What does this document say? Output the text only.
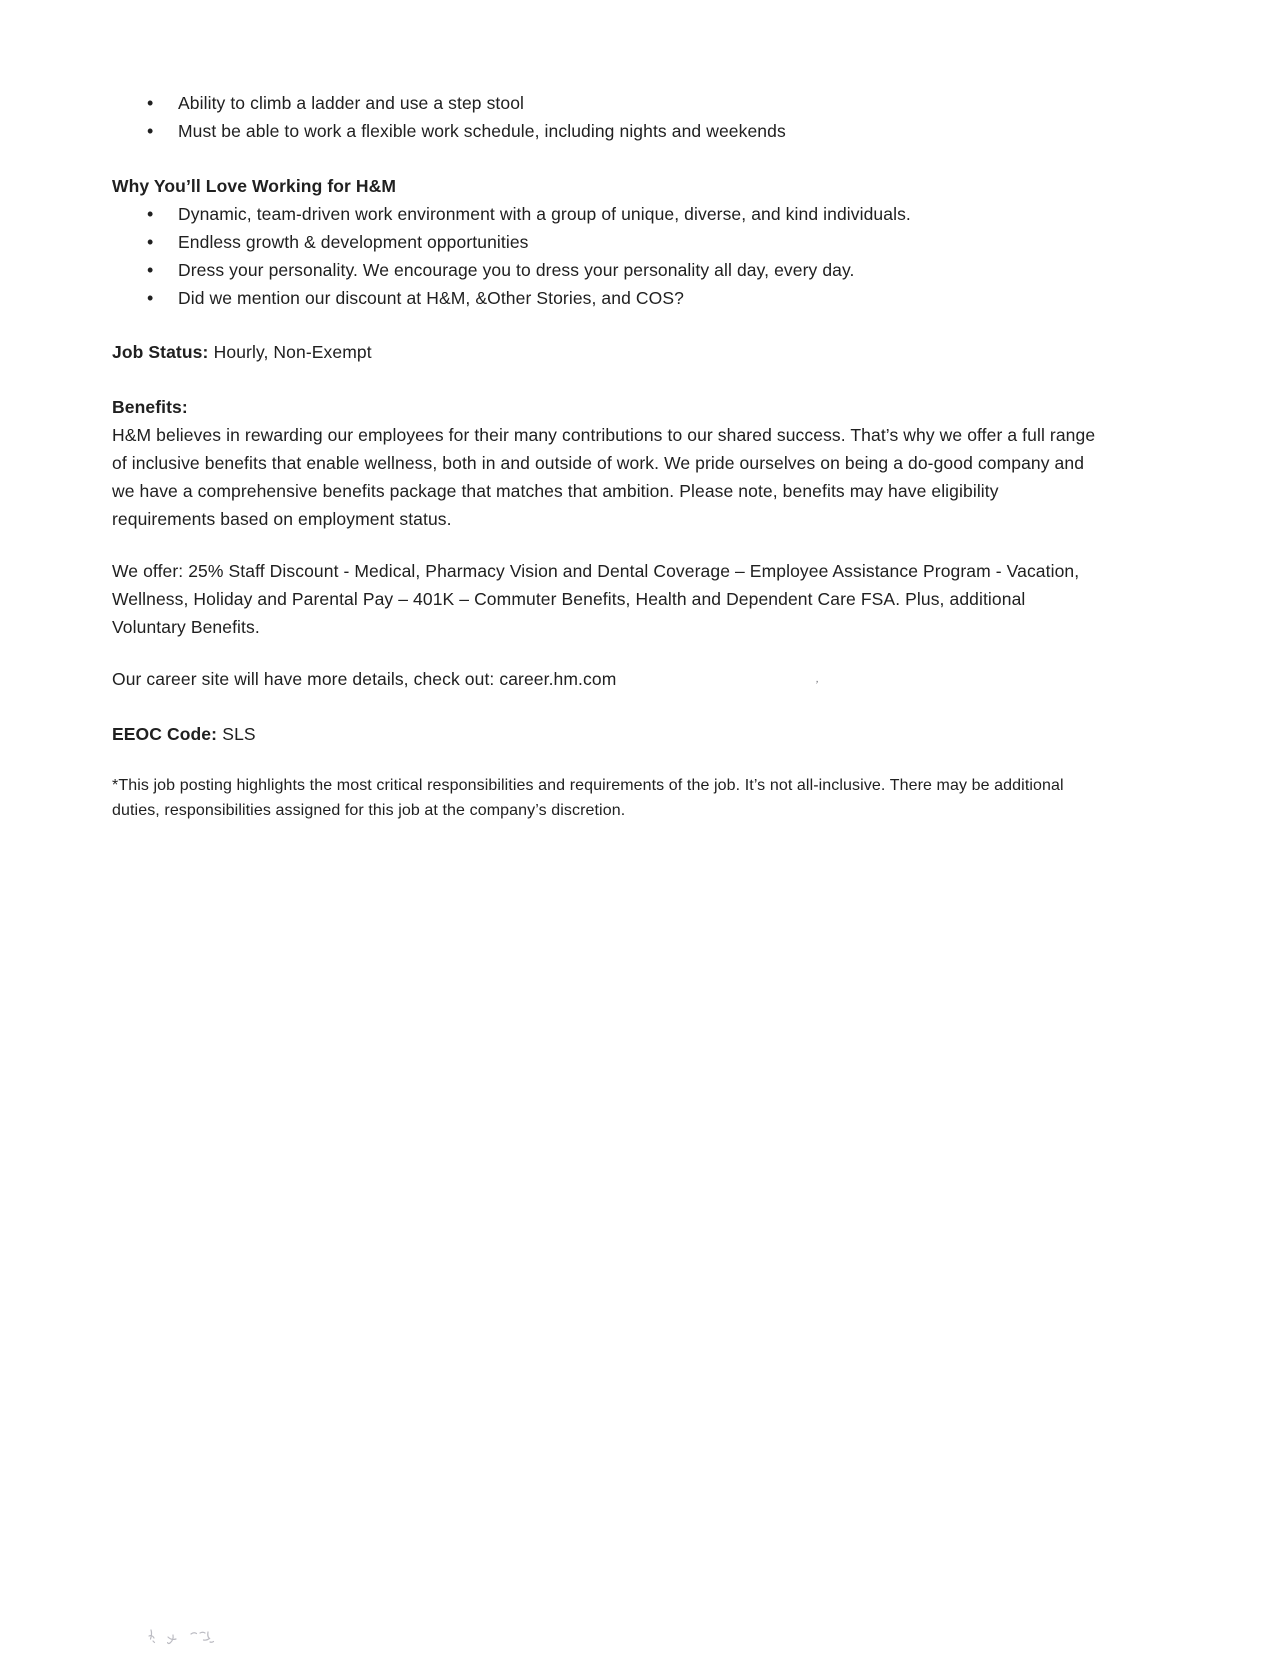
•	Ability to climb a ladder and use a step stool
•	Must be able to work a flexible work schedule, including nights and weekends
Why You’ll Love Working for H&M
•	Dynamic, team-driven work environment with a group of unique, diverse, and kind individuals.
•	Endless growth & development opportunities
•	Dress your personality. We encourage you to dress your personality all day, every day.
•	Did we mention our discount at H&M, &Other Stories, and COS?

Job Status: Hourly, Non-Exempt

Benefits:

H&M believes in rewarding our employees for their many contributions to our shared success. That’s why we offer a full range of inclusive benefits that enable wellness, both in and outside of work. We pride ourselves on being a do-good company and we have a comprehensive benefits package that matches that ambition. Please note, benefits may have eligibility requirements based on employment status.

We offer: 25% Staff Discount - Medical, Pharmacy Vision and Dental Coverage – Employee Assistance Program - Vacation, Wellness, Holiday and Parental Pay – 401K – Commuter Benefits, Health and Dependent Care FSA. Plus, additional Voluntary Benefits.

Our career site will have more details, check out: career.hm.com

EEOC Code: SLS

*This job posting highlights the most critical responsibilities and requirements of the job. It’s not all-inclusive. There may be additional duties, responsibilities assigned for this job at the company’s discretion.

’
